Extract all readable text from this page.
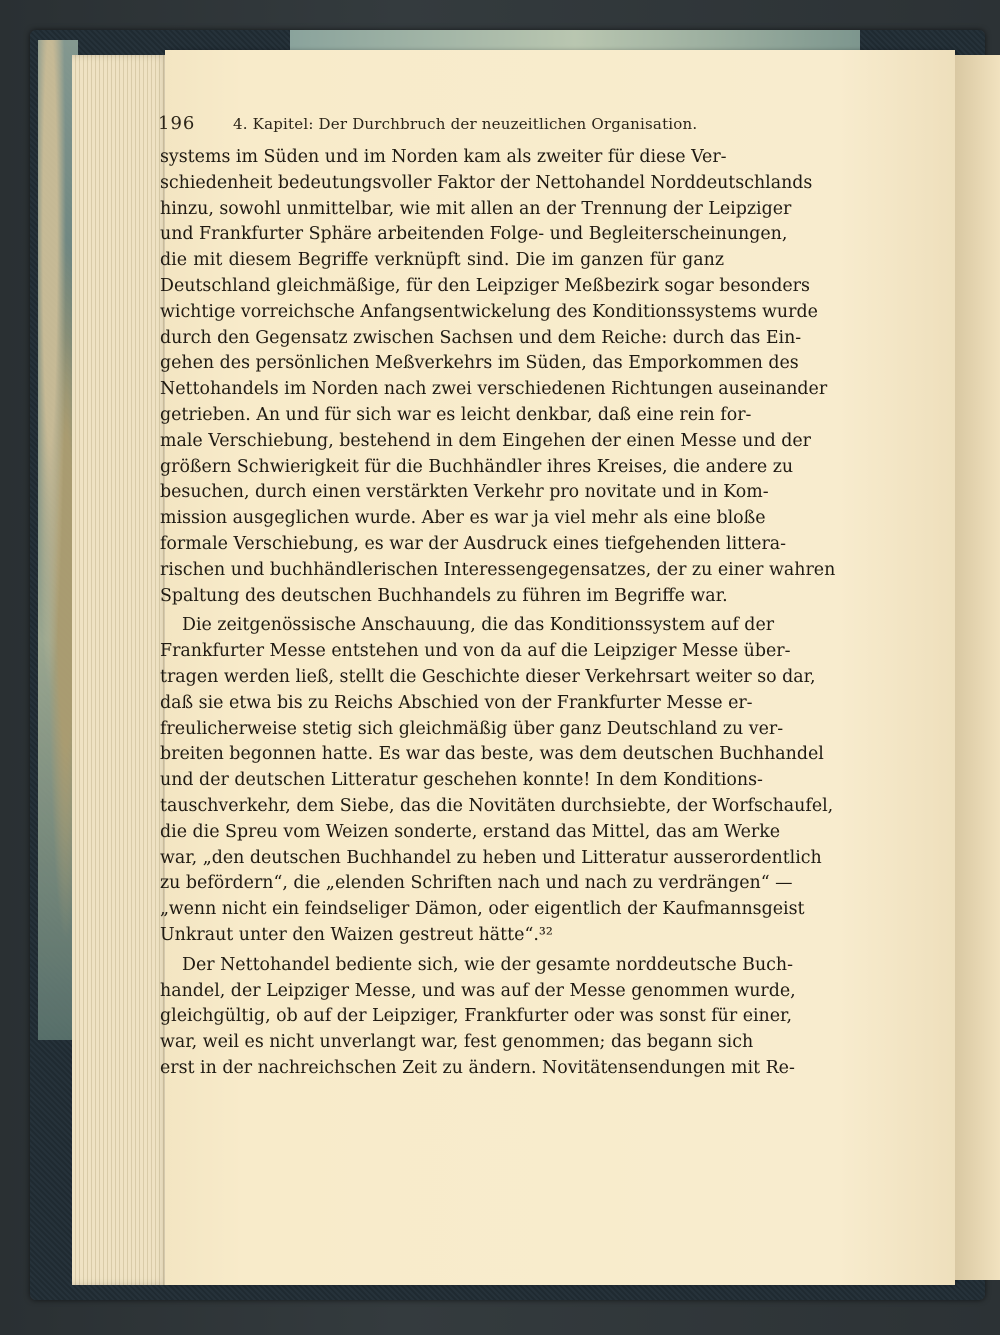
196	4. Kapitel: Der Durchbruch der neuzeitlichen Organisation.
systems im Süden und im Norden kam als zweiter für diese Ver-
schiedenheit bedeutungsvoller Faktor der Nettohandel Norddeutschlands
hinzu, sowohl unmittelbar, wie mit allen an der Trennung der Leipziger
und Frankfurter Sphäre arbeitenden Folge- und Begleiterscheinungen,
die mit diesem Begriffe verknüpft sind. Die im ganzen für ganz
Deutschland gleichmäßige, für den Leipziger Meßbezirk sogar besonders
wichtige vorreichsche Anfangsentwickelung des Konditionssystems wurde
durch den Gegensatz zwischen Sachsen und dem Reiche: durch das Ein-
gehen des persönlichen Meßverkehrs im Süden, das Emporkommen des
Nettohandels im Norden nach zwei verschiedenen Richtungen auseinander
getrieben. An und für sich war es leicht denkbar, daß eine rein for-
male Verschiebung, bestehend in dem Eingehen der einen Messe und der
größern Schwierigkeit für die Buchhändler ihres Kreises, die andere zu
besuchen, durch einen verstärkten Verkehr pro novitate und in Kom-
mission ausgeglichen wurde. Aber es war ja viel mehr als eine bloße
formale Verschiebung, es war der Ausdruck eines tiefgehenden littera-
rischen und buchhändlerischen Interessengegensatzes, der zu einer wahren
Spaltung des deutschen Buchhandels zu führen im Begriffe war.
Die zeitgenössische Anschauung, die das Konditionssystem auf der
Frankfurter Messe entstehen und von da auf die Leipziger Messe über-
tragen werden ließ, stellt die Geschichte dieser Verkehrsart weiter so dar,
daß sie etwa bis zu Reichs Abschied von der Frankfurter Messe er-
freulicherweise stetig sich gleichmäßig über ganz Deutschland zu ver-
breiten begonnen hatte. Es war das beste, was dem deutschen Buchhandel
und der deutschen Litteratur geschehen konnte! In dem Konditions-
tauschverkehr, dem Siebe, das die Novitäten durchsiebte, der Worfschaufel,
die die Spreu vom Weizen sonderte, erstand das Mittel, das am Werke
war, „den deutschen Buchhandel zu heben und Litteratur ausserordentlich
zu befördern“, die „elenden Schriften nach und nach zu verdrängen“ —
„wenn nicht ein feindseliger Dämon, oder eigentlich der Kaufmannsgeist
Unkraut unter den Waizen gestreut hätte“.³²
Der Nettohandel bediente sich, wie der gesamte norddeutsche Buch-
handel, der Leipziger Messe, und was auf der Messe genommen wurde,
gleichgültig, ob auf der Leipziger, Frankfurter oder was sonst für einer,
war, weil es nicht unverlangt war, fest genommen; das begann sich
erst in der nachreichschen Zeit zu ändern. Novitätensendungen mit Re-
